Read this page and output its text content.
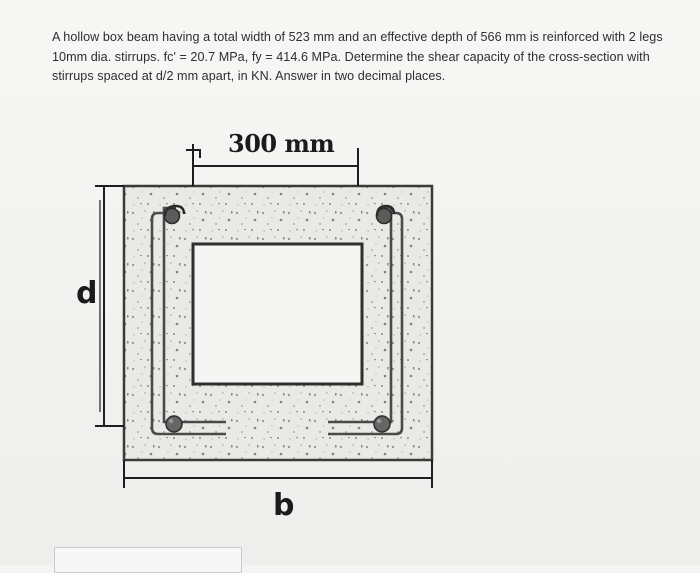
A hollow box beam having a total width of 523 mm and an effective depth of 566 mm is reinforced with 2 legs
10mm dia. stirrups. fc' = 20.7 MPa, fy = 414.6 MPa. Determine the shear capacity of the cross-section with
stirrups spaced at d/2 mm apart, in KN. Answer in two decimal places.
300 mm
d
b
